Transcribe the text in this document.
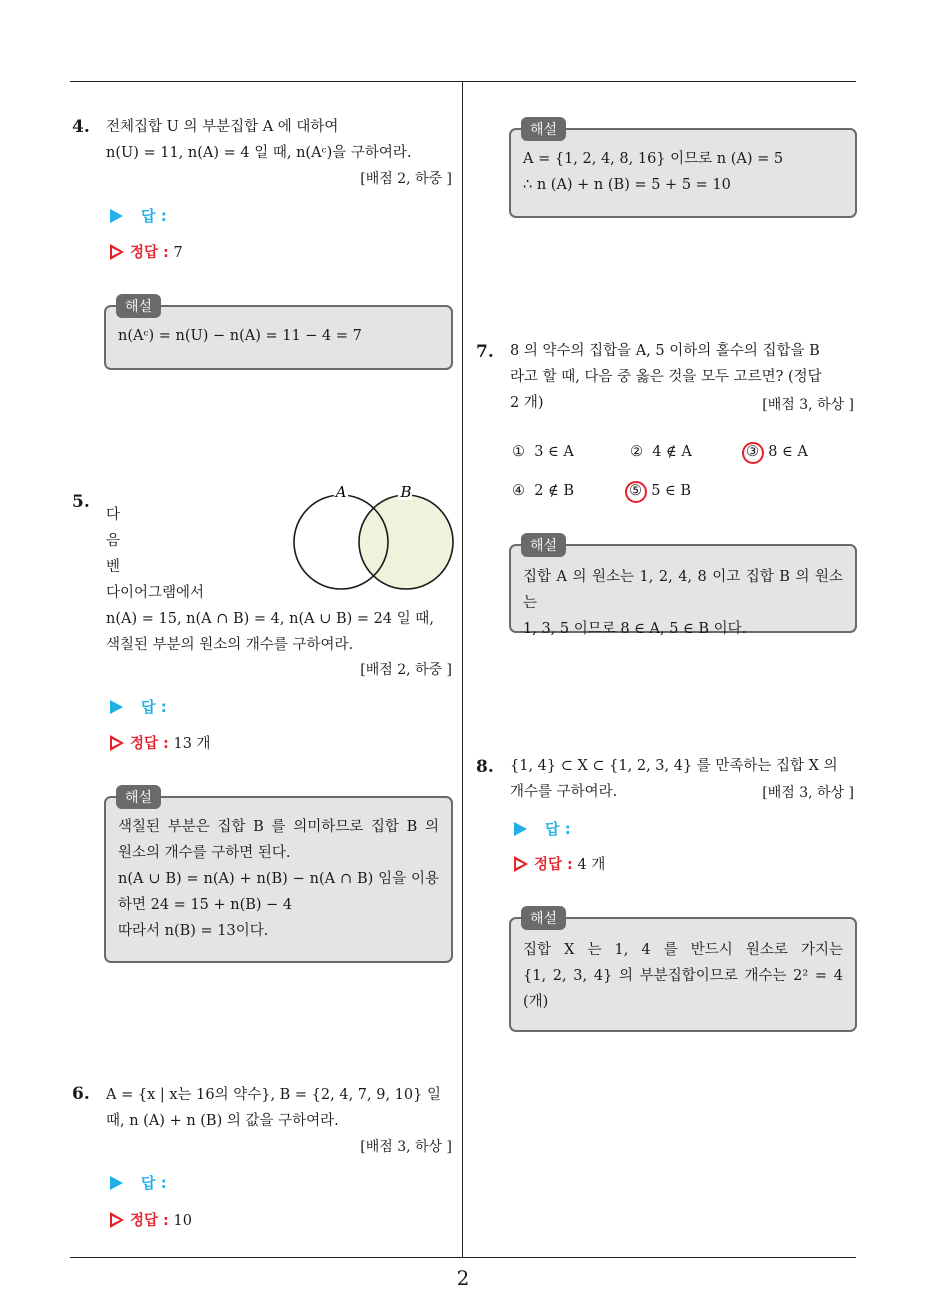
2
4. 전체집합 U 의 부분집합 A 에 대하여
n(U) = 11, n(A) = 4 일 때, n(Aᶜ)을 구하여라.
[배점 2, 하중 ]
답 :
정답 : 7
해설
n(Aᶜ) = n(U) − n(A) = 11 − 4 = 7
5.
다
음
벤
다이어그램에서
n(A) = 15, n(A ∩ B) = 4, n(A ∪ B) = 24 일 때,
색칠된 부분의 원소의 개수를 구하여라.
[배점 2, 하중 ]
A	B
답 :
정답 : 13 개
해설
색칠된 부분은 집합 B 를 의미하므로 집합 B 의
원소의 개수를 구하면 된다.
n(A ∪ B) = n(A) + n(B) − n(A ∩ B) 임을 이용
하면 24 = 15 + n(B) − 4
따라서 n(B) = 13이다.
6. A = {x | x는 16의 약수}, B = {2, 4, 7, 9, 10} 일
때, n (A) + n (B) 의 값을 구하여라.
[배점 3, 하상 ]
답 :
정답 : 10
해설
A = {1, 2, 4, 8, 16} 이므로 n (A) = 5
∴ n (A) + n (B) = 5 + 5 = 10
7. 8 의 약수의 집합을 A, 5 이하의 홀수의 집합을 B
라고 할 때, 다음 중 옳은 것을 모두 고르면? (정답
2 개)	[배점 3, 하상 ]
① 3 ∈ A	② 4 ∉ A	③ 8 ∈ A
④ 2 ∉ B	⑤ 5 ∈ B
해설
집합 A 의 원소는 1, 2, 4, 8 이고 집합 B 의 원소는
1, 3, 5 이므로 8 ∈ A, 5 ∈ B 이다.
8. {1, 4} ⊂ X ⊂ {1, 2, 3, 4} 를 만족하는 집합 X 의
개수를 구하여라.	[배점 3, 하상 ]
답 :
정답 : 4 개
해설
집합 X 는 1, 4 를 반드시 원소로 가지는
{1, 2, 3, 4} 의 부분집합이므로 개수는 2² = 4
(개)
